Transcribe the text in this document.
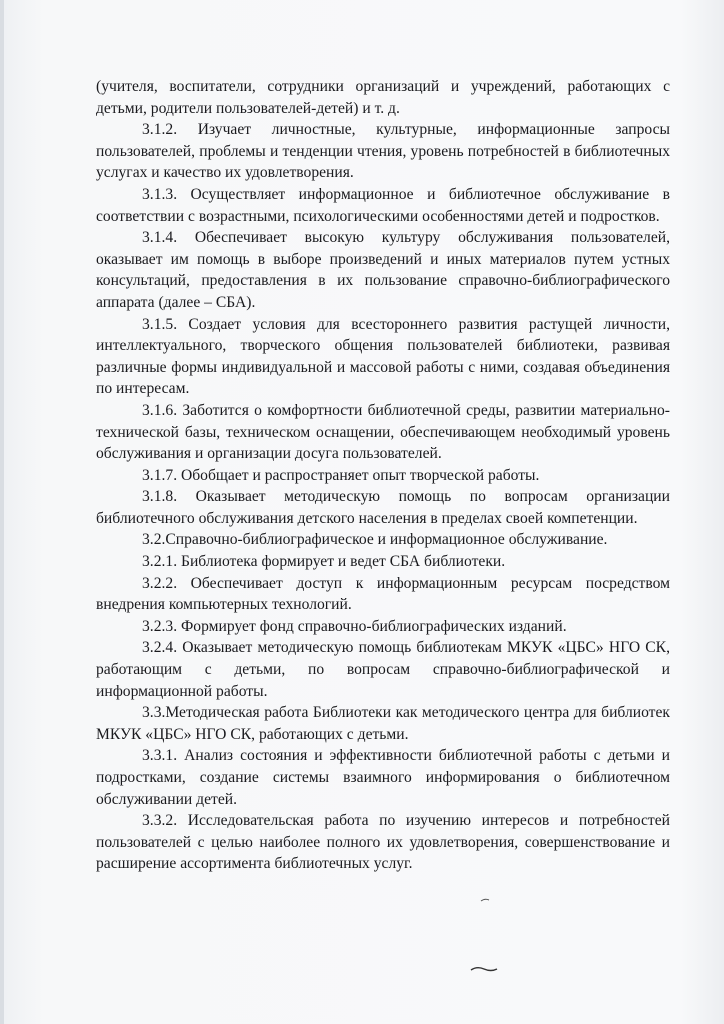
(учителя, воспитатели, сотрудники организаций и учреждений, работающих с детьми, родители пользователей-детей) и т. д.

3.1.2. Изучает личностные, культурные, информационные запросы пользователей, проблемы и тенденции чтения, уровень потребностей в библиотечных услугах и качество их удовлетворения.

3.1.3. Осуществляет информационное и библиотечное обслуживание в соответствии с возрастными, психологическими особенностями детей и подростков.

3.1.4. Обеспечивает высокую культуру обслуживания пользователей, оказывает им помощь в выборе произведений и иных материалов путем устных консультаций, предоставления в их пользование справочно-библиографического аппарата (далее – СБА).

3.1.5. Создает условия для всестороннего развития растущей личности, интеллектуального, творческого общения пользователей библиотеки, развивая различные формы индивидуальной и массовой работы с ними, создавая объединения по интересам.

3.1.6. Заботится о комфортности библиотечной среды, развитии материально-технической базы, техническом оснащении, обеспечивающем необходимый уровень обслуживания и организации досуга пользователей.

3.1.7. Обобщает и распространяет опыт творческой работы.

3.1.8. Оказывает методическую помощь по вопросам организации библиотечного обслуживания детского населения в пределах своей компетенции.

3.2.Справочно-библиографическое и информационное обслуживание.

3.2.1. Библиотека формирует и ведет СБА библиотеки.

3.2.2. Обеспечивает доступ к информационным ресурсам посредством внедрения компьютерных технологий.

3.2.3. Формирует фонд справочно-библиографических изданий.

3.2.4. Оказывает методическую помощь библиотекам МКУК «ЦБС» НГО СК, работающим с детьми, по вопросам справочно-библиографической и информационной работы.

3.3.Методическая работа Библиотеки как методического центра для библиотек МКУК «ЦБС» НГО СК, работающих с детьми.

3.3.1. Анализ состояния и эффективности библиотечной работы с детьми и подростками, создание системы взаимного информирования о библиотечном обслуживании детей.

3.3.2. Исследовательская работа по изучению интересов и потребностей пользователей с целью наиболее полного их удовлетворения, совершенствование и расширение ассортимента библиотечных услуг.
